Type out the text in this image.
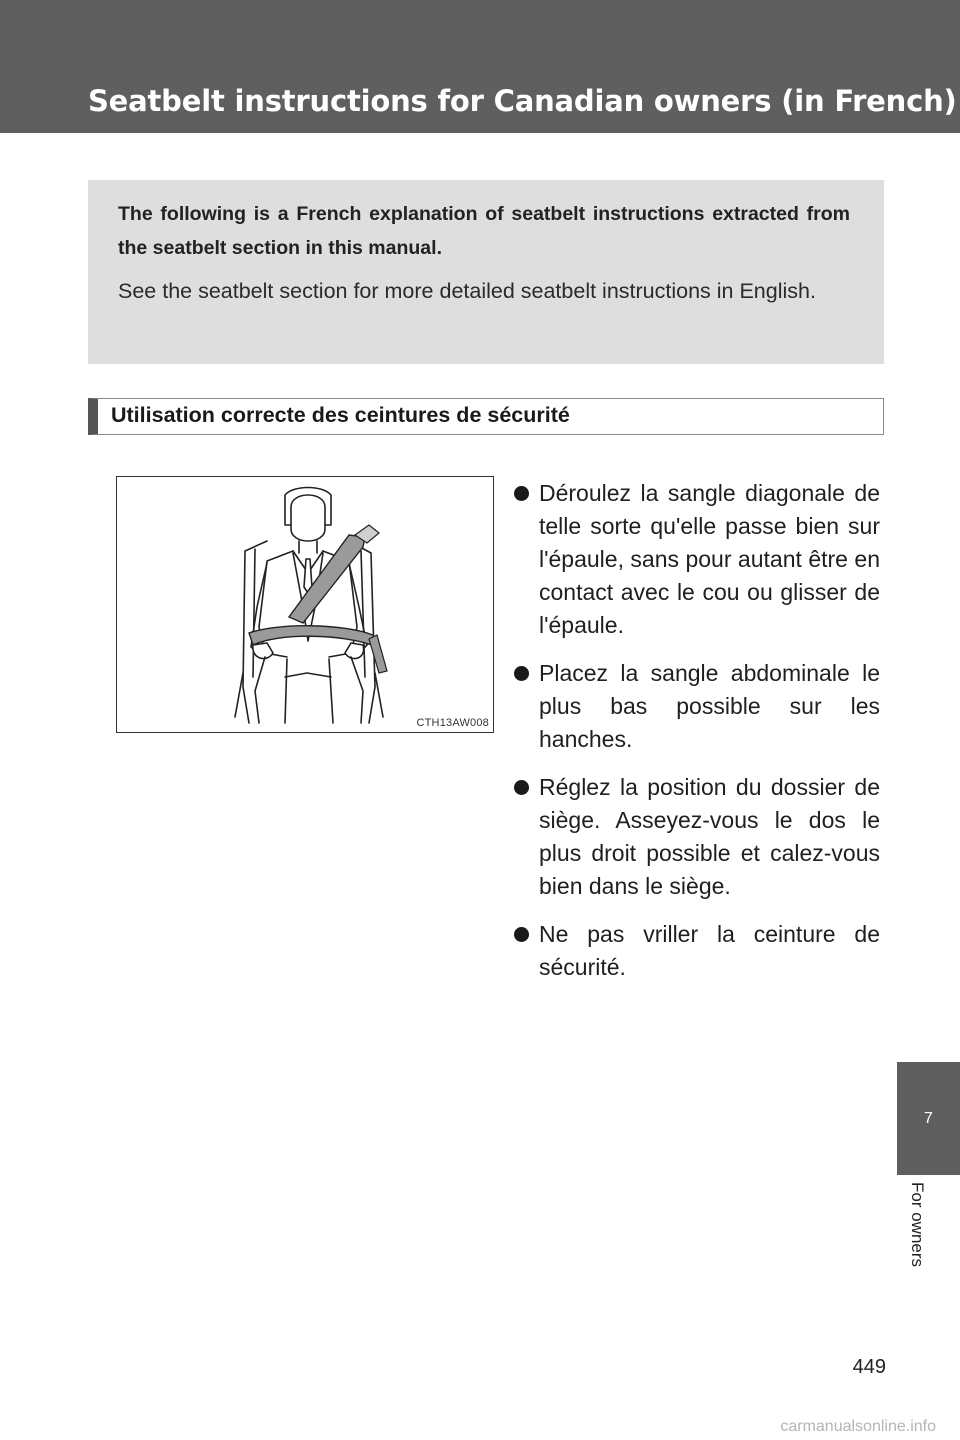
Seatbelt instructions for Canadian owners (in French)

The following is a French explanation of seatbelt instructions extracted from the seatbelt section in this manual.

See the seatbelt section for more detailed seatbelt instructions in English.

Utilisation correcte des ceintures de sécurité
CTH13AW008
Déroulez la sangle diagonale de telle sorte qu'elle passe bien sur l'épaule, sans pour autant être en contact avec le cou ou glisser de l'épaule.
Placez la sangle abdominale le plus bas possible sur les hanches.
Réglez la position du dossier de siège. Asseyez-vous le dos le plus droit possible et calez-vous bien dans le siège.
Ne pas vriller la ceinture de sécurité.
7
For owners
449
carmanualsonline.info
